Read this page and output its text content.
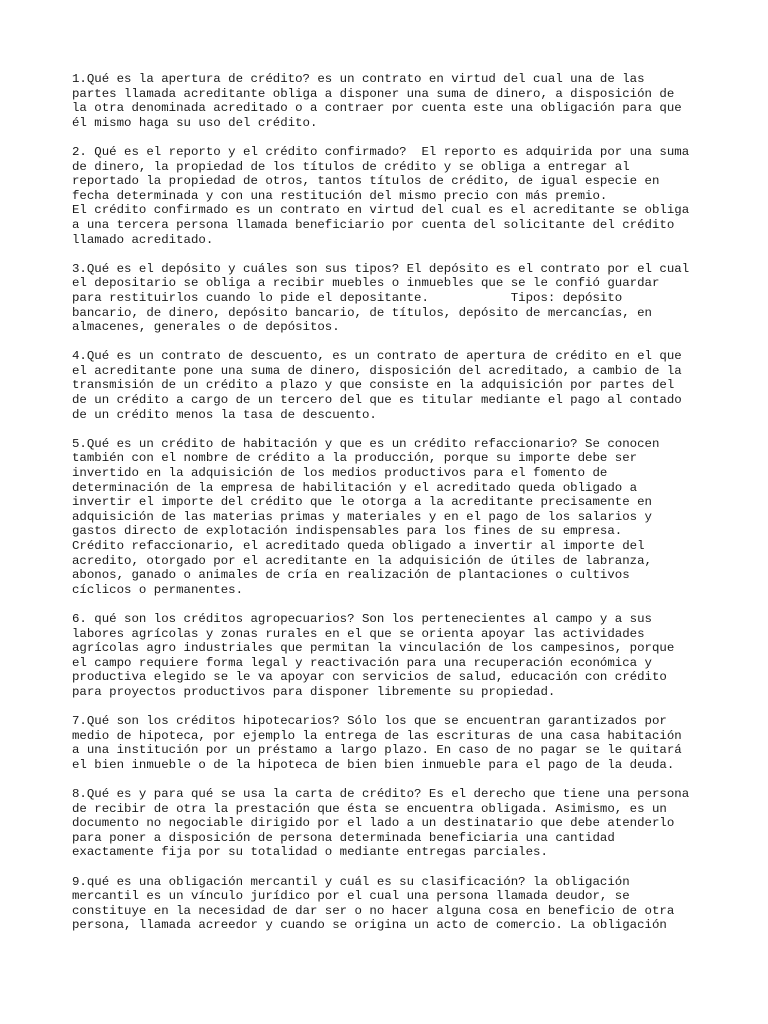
1.Qué es la apertura de crédito? es un contrato en virtud del cual una de las
partes llamada acreditante obliga a disponer una suma de dinero, a disposición de
la otra denominada acreditado o a contraer por cuenta este una obligación para que
él mismo haga su uso del crédito.
2. Qué es el reporto y el crédito confirmado?  El reporto es adquirida por una suma
de dinero, la propiedad de los títulos de crédito y se obliga a entregar al
reportado la propiedad de otros, tantos títulos de crédito, de igual especie en
fecha determinada y con una restitución del mismo precio con más premio.
El crédito confirmado es un contrato en virtud del cual es el acreditante se obliga
a una tercera persona llamada beneficiario por cuenta del solicitante del crédito
llamado acreditado.
3.Qué es el depósito y cuáles son sus tipos? El depósito es el contrato por el cual
el depositario se obliga a recibir muebles o inmuebles que se le confió guardar
para restituirlos cuando lo pide el depositante.           Tipos: depósito
bancario, de dinero, depósito bancario, de títulos, depósito de mercancías, en
almacenes, generales o de depósitos.
4.Qué es un contrato de descuento, es un contrato de apertura de crédito en el que
el acreditante pone una suma de dinero, disposición del acreditado, a cambio de la
transmisión de un crédito a plazo y que consiste en la adquisición por partes del
de un crédito a cargo de un tercero del que es titular mediante el pago al contado
de un crédito menos la tasa de descuento.
5.Qué es un crédito de habitación y que es un crédito refaccionario? Se conocen
también con el nombre de crédito a la producción, porque su importe debe ser
invertido en la adquisición de los medios productivos para el fomento de
determinación de la empresa de habilitación y el acreditado queda obligado a
invertir el importe del crédito que le otorga a la acreditante precisamente en
adquisición de las materias primas y materiales y en el pago de los salarios y
gastos directo de explotación indispensables para los fines de su empresa.
Crédito refaccionario, el acreditado queda obligado a invertir al importe del
acredito, otorgado por el acreditante en la adquisición de útiles de labranza,
abonos, ganado o animales de cría en realización de plantaciones o cultivos
cíclicos o permanentes.
6. qué son los créditos agropecuarios? Son los pertenecientes al campo y a sus
labores agrícolas y zonas rurales en el que se orienta apoyar las actividades
agrícolas agro industriales que permitan la vinculación de los campesinos, porque
el campo requiere forma legal y reactivación para una recuperación económica y
productiva elegido se le va apoyar con servicios de salud, educación con crédito
para proyectos productivos para disponer libremente su propiedad.
7.Qué son los créditos hipotecarios? Sólo los que se encuentran garantizados por
medio de hipoteca, por ejemplo la entrega de las escrituras de una casa habitación
a una institución por un préstamo a largo plazo. En caso de no pagar se le quitará
el bien inmueble o de la hipoteca de bien bien inmueble para el pago de la deuda.
8.Qué es y para qué se usa la carta de crédito? Es el derecho que tiene una persona
de recibir de otra la prestación que ésta se encuentra obligada. Asimismo, es un
documento no negociable dirigido por el lado a un destinatario que debe atenderlo
para poner a disposición de persona determinada beneficiaria una cantidad
exactamente fija por su totalidad o mediante entregas parciales.
9.qué es una obligación mercantil y cuál es su clasificación? la obligación
mercantil es un vínculo jurídico por el cual una persona llamada deudor, se
constituye en la necesidad de dar ser o no hacer alguna cosa en beneficio de otra
persona, llamada acreedor y cuando se origina un acto de comercio. La obligación
